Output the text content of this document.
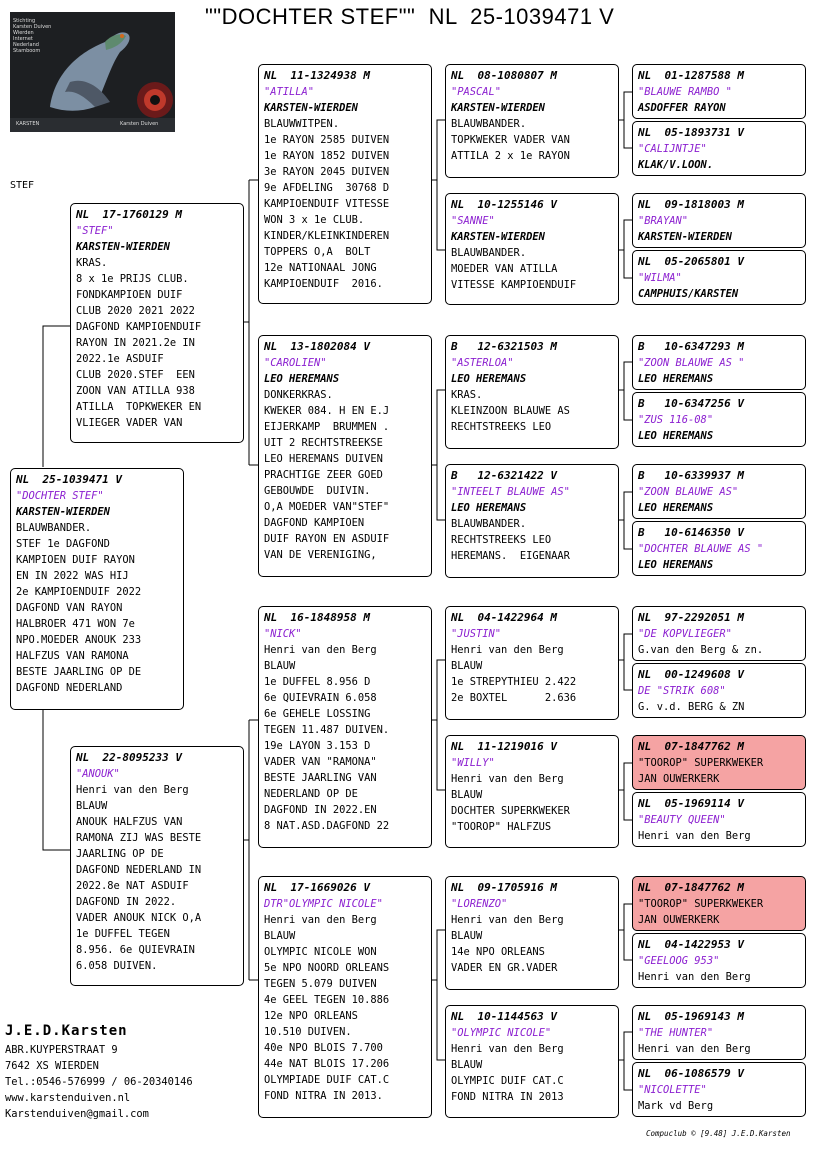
""DOCHTER STEF""  NL  25-1039471 V
Stichting
Karsten Duiven
Wierden
Internet
Nederland
Stamboom
KARSTEN	Karsten Duiven
STEF
NL  25-1039471 V
"DOCHTER STEF"
KARSTEN-WIERDEN
BLAUWBANDER.
STEF 1e DAGFOND
KAMPIOEN DUIF RAYON
EN IN 2022 WAS HIJ
2e KAMPIOENDUIF 2022
DAGFOND VAN RAYON
HALBROER 471 WON 7e
NPO.MOEDER ANOUK 233
HALFZUS VAN RAMONA
BESTE JAARLING OP DE
DAGFOND NEDERLAND
NL  17-1760129 M
"STEF"
KARSTEN-WIERDEN
KRAS.
8 x 1e PRIJS CLUB.
FONDKAMPIOEN DUIF
CLUB 2020 2021 2022
DAGFOND KAMPIOENDUIF
RAYON IN 2021.2e IN
2022.1e ASDUIF
CLUB 2020.STEF  EEN
ZOON VAN ATILLA 938
ATILLA  TOPKWEKER EN
VLIEGER VADER VAN
NL  22-8095233 V
"ANOUK"
Henri van den Berg
BLAUW
ANOUK HALFZUS VAN
RAMONA ZIJ WAS BESTE
JAARLING OP DE
DAGFOND NEDERLAND IN
2022.8e NAT ASDUIF
DAGFOND IN 2022.
VADER ANOUK NICK O,A
1e DUFFEL TEGEN
8.956. 6e QUIEVRAIN
6.058 DUIVEN.
NL  11-1324938 M
"ATILLA"
KARSTEN-WIERDEN
BLAUWWITPEN.
1e RAYON 2585 DUIVEN
1e RAYON 1852 DUIVEN
3e RAYON 2045 DUIVEN
9e AFDELING  30768 D
KAMPIOENDUIF VITESSE
WON 3 x 1e CLUB.
KINDER/KLEINKINDEREN
TOPPERS O,A  BOLT
12e NATIONAAL JONG
KAMPIOENDUIF  2016.
NL  13-1802084 V
"CAROLIEN"
LEO HEREMANS
DONKERKRAS.
KWEKER 084. H EN E.J
EIJERKAMP  BRUMMEN .
UIT 2 RECHTSTREEKSE
LEO HEREMANS DUIVEN
PRACHTIGE ZEER GOED
GEBOUWDE  DUIVIN.
O,A MOEDER VAN"STEF"
DAGFOND KAMPIOEN
DUIF RAYON EN ASDUIF
VAN DE VERENIGING,
NL  16-1848958 M
"NICK"
Henri van den Berg
BLAUW
1e DUFFEL 8.956 D
6e QUIEVRAIN 6.058
6e GEHELE LOSSING
TEGEN 11.487 DUIVEN.
19e LAYON 3.153 D
VADER VAN "RAMONA"
BESTE JAARLING VAN
NEDERLAND OP DE
DAGFOND IN 2022.EN
8 NAT.ASD.DAGFOND 22
NL  17-1669026 V
DTR"OLYMPIC NICOLE"
Henri van den Berg
BLAUW
OLYMPIC NICOLE WON
5e NPO NOORD ORLEANS
TEGEN 5.079 DUIVEN
4e GEEL TEGEN 10.886
12e NPO ORLEANS
10.510 DUIVEN.
40e NPO BLOIS 7.700
44e NAT BLOIS 17.206
OLYMPIADE DUIF CAT.C
FOND NITRA IN 2013.
NL  08-1080807 M
"PASCAL"
KARSTEN-WIERDEN
BLAUWBANDER.
TOPKWEKER VADER VAN
ATTILA 2 x 1e RAYON
NL  10-1255146 V
"SANNE"
KARSTEN-WIERDEN
BLAUWBANDER.
MOEDER VAN ATILLA
VITESSE KAMPIOENDUIF
B   12-6321503 M
"ASTERLOA"
LEO HEREMANS
KRAS.
KLEINZOON BLAUWE AS
RECHTSTREEKS LEO
B   12-6321422 V
"INTEELT BLAUWE AS"
LEO HEREMANS
BLAUWBANDER.
RECHTSTREEKS LEO
HEREMANS.  EIGENAAR
NL  04-1422964 M
"JUSTIN"
Henri van den Berg
BLAUW
1e STREPYTHIEU 2.422
2e BOXTEL      2.636
NL  11-1219016 V
"WILLY"
Henri van den Berg
BLAUW
DOCHTER SUPERKWEKER
"TOOROP" HALFZUS
NL  09-1705916 M
"LORENZO"
Henri van den Berg
BLAUW
14e NPO ORLEANS
VADER EN GR.VADER
NL  10-1144563 V
"OLYMPIC NICOLE"
Henri van den Berg
BLAUW
OLYMPIC DUIF CAT.C
FOND NITRA IN 2013
NL  01-1287588 M
"BLAUWE RAMBO "
ASDOFFER RAYON
NL  05-1893731 V
"CALIJNTJE"
KLAK/V.LOON.
NL  09-1818003 M
"BRAYAN"
KARSTEN-WIERDEN
NL  05-2065801 V
"WILMA"
CAMPHUIS/KARSTEN
B   10-6347293 M
"ZOON BLAUWE AS "
LEO HEREMANS
B   10-6347256 V
"ZUS 116-08"
LEO HEREMANS
B   10-6339937 M
"ZOON BLAUWE AS"
LEO HEREMANS
B   10-6146350 V
"DOCHTER BLAUWE AS "
LEO HEREMANS
NL  97-2292051 M
"DE KOPVLIEGER"
G.van den Berg & zn.
NL  00-1249608 V
DE "STRIK 608"
G. v.d. BERG & ZN
NL  07-1847762 M
"TOOROP" SUPERKWEKER
JAN OUWERKERK
NL  05-1969114 V
"BEAUTY QUEEN"
Henri van den Berg
NL  07-1847762 M
"TOOROP" SUPERKWEKER
JAN OUWERKERK
NL  04-1422953 V
"GEELOOG 953"
Henri van den Berg
NL  05-1969143 M
"THE HUNTER"
Henri van den Berg
NL  06-1086579 V
"NICOLETTE"
Mark vd Berg
J.E.D.Karsten
ABR.KUYPERSTRAAT 9
7642 XS WIERDEN
Tel.:0546-576999 / 06-20340146
www.karstenduiven.nl
Karstenduiven@gmail.com
Compuclub © [9.48] J.E.D.Karsten
